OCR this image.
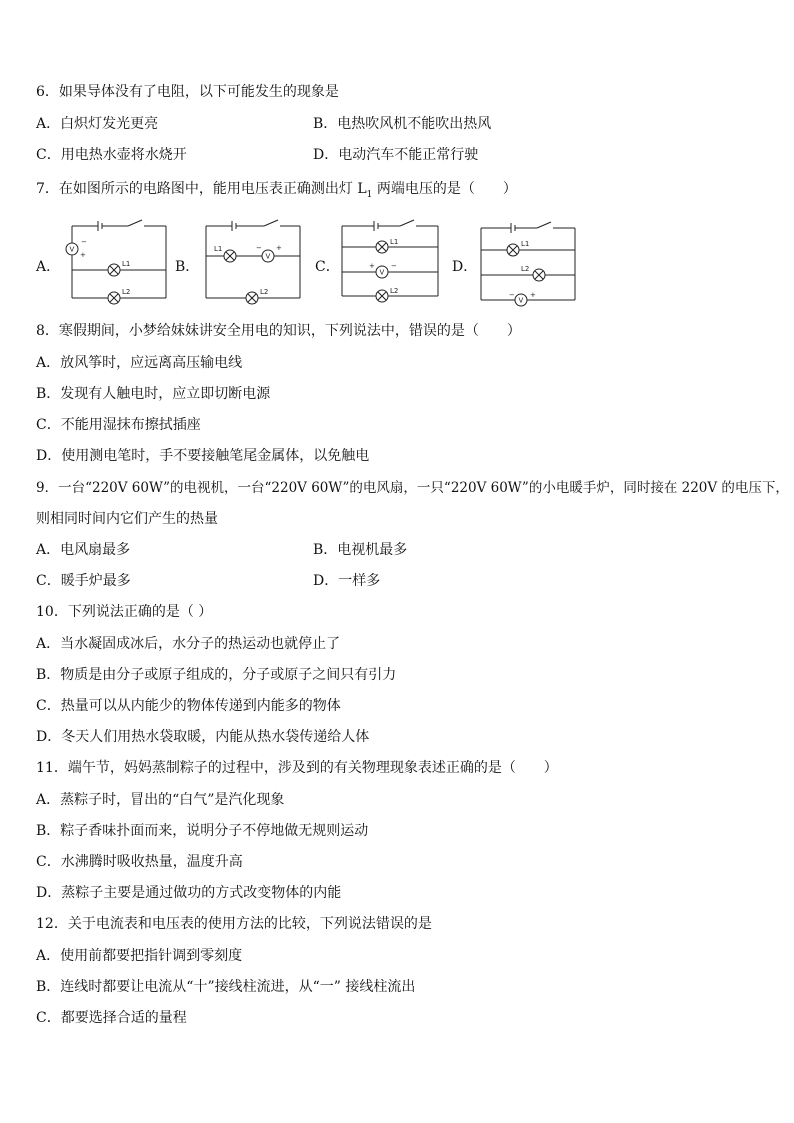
6．如果导体没有了电阻，以下可能发生的现象是
A．白炽灯发光更亮	B．电热吹风机不能吹出热风
C．用电热水壶将水烧开	D．电动汽车不能正常行驶
7．在如图所示的电路图中，能用电压表正确测出灯 $L_1$ 两端电压的是（　　）
A．	B．	C．	D．
V
−
+
L1
L2
L1
V
− +
L2
L1
V
+ −
L2
L1
L2
V
− +
8．寒假期间，小梦给妹妹讲安全用电的知识，下列说法中，错误的是（　　）
A．放风筝时，应远离高压输电线
B．发现有人触电时，应立即切断电源
C．不能用湿抹布擦拭插座
D．使用测电笔时，手不要接触笔尾金属体，以免触电
9．一台“220V 60W”的电视机，一台“220V 60W”的电风扇，一只“220V 60W”的小电暖手炉，同时接在 220V 的电压下，
则相同时间内它们产生的热量
A．电风扇最多	B．电视机最多
C．暖手炉最多	D．一样多
10．下列说法正确的是（ ）
A．当水凝固成冰后，水分子的热运动也就停止了
B．物质是由分子或原子组成的，分子或原子之间只有引力
C．热量可以从内能少的物体传递到内能多的物体
D．冬天人们用热水袋取暖，内能从热水袋传递给人体
11．端午节，妈妈蒸制粽子的过程中，涉及到的有关物理现象表述正确的是（　　）
A．蒸粽子时，冒出的“白气”是汽化现象
B．粽子香味扑面而来，说明分子不停地做无规则运动
C．水沸腾时吸收热量，温度升高
D．蒸粽子主要是通过做功的方式改变物体的内能
12．关于电流表和电压表的使用方法的比较，下列说法错误的是
A．使用前都要把指针调到零刻度
B．连线时都要让电流从“十”接线柱流进，从“一” 接线柱流出
C．都要选择合适的量程
